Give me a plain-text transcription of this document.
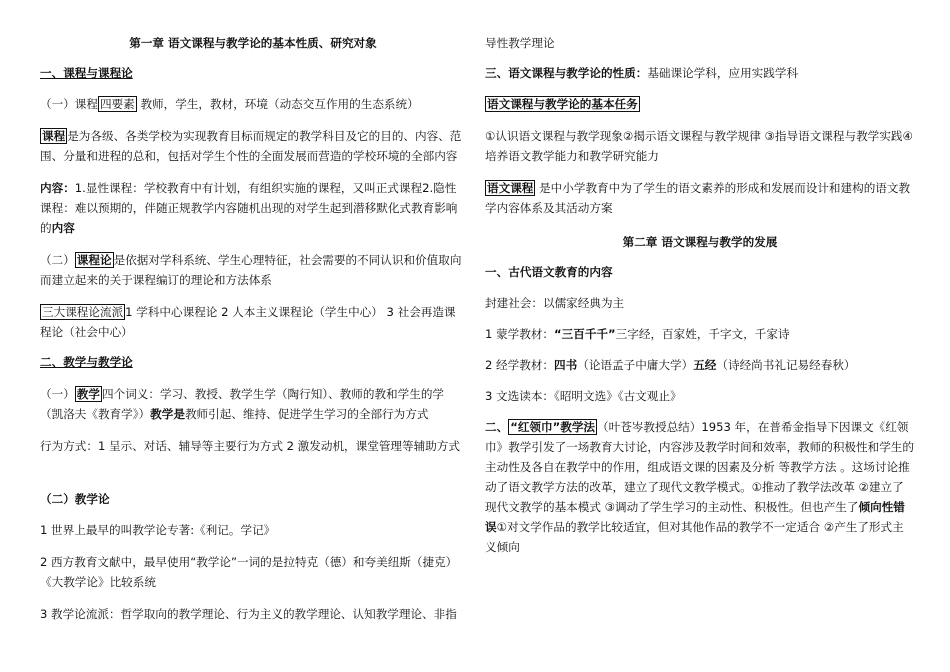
第一章 语文课程与教学论的基本性质、研究对象

一、课程与课程论

（一）课程 四要素 教师，学生，教材，环境（动态交互作用的生态系统）

课程 是为各级、各类学校为实现教育目标而规定的教学科目及它的目的、内容、范围、分量和进程的总和，包括对学生个性的全面发展而营造的学校环境的全部内容

内容：1.显性课程：学校教育中有计划，有组织实施的课程，又叫正式课程2.隐性课程：难以预期的，伴随正规教学内容随机出现的对学生起到潜移默化式教育影响的内容

（二） 课程论 是依据对学科系统、学生心理特征，社会需要的不同认识和价值取向而建立起来的关于课程编订的理论和方法体系

三大课程论流派 1 学科中心课程论 2 人本主义课程论（学生中心） 3 社会再造课程论（社会中心）

二、教学与教学论

（一） 教学 四个词义：学习、教授、教学生学（陶行知）、教师的教和学生的学（凯洛夫《教育学》）教学是教师引起、维持、促进学生学习的全部行为方式

行为方式：1 呈示、对话、辅导等主要行为方式 2 激发动机，课堂管理等辅助方式

（二）教学论

1 世界上最早的叫教学论专著:《利记。学记》

2 西方教育文献中，最早使用“教学论”一词的是拉特克（德）和夸美纽斯（捷克）《大教学论》比较系统

3 教学论流派：哲学取向的教学理论、行为主义的教学理论、认知教学理论、非指

导性教学理论

三、语文课程与教学论的性质：基础课论学科，应用实践学科

语文课程与教学论的基本任务

①认识语文课程与教学现象②揭示语文课程与教学规律 ③指导语文课程与教学实践④培养语文教学能力和教学研究能力

语文课程 是中小学教育中为了学生的语文素养的形成和发展而设计和建构的语文教学内容体系及其活动方案

第二章 语文课程与教学的发展

一、古代语文教育的内容

封建社会：以儒家经典为主

1 蒙学教材：“三百千千”三字经，百家姓，千字文，千家诗

2 经学教材：四书（论语孟子中庸大学）五经（诗经尚书礼记易经春秋）

3 文选读本：《昭明文选》《古文观止》

二、 “红领巾”教学法 （叶苍岑教授总结）1953 年，在普希金指导下因课文《红领巾》教学引发了一场教育大讨论，内容涉及教学时间和效率，教师的积极性和学生的主动性及各自在教学中的作用，组成语文课的因素及分析 等教学方法 。这场讨论推动了语文教学方法的改革，建立了现代文教学模式。①推动了教学法改革 ②建立了现代文教学的基本模式 ③调动了学生学习的主动性、积极性。但也产生了倾向性错误①对文学作品的教学比较适宜，但对其他作品的教学不一定适合 ②产生了形式主义倾向
